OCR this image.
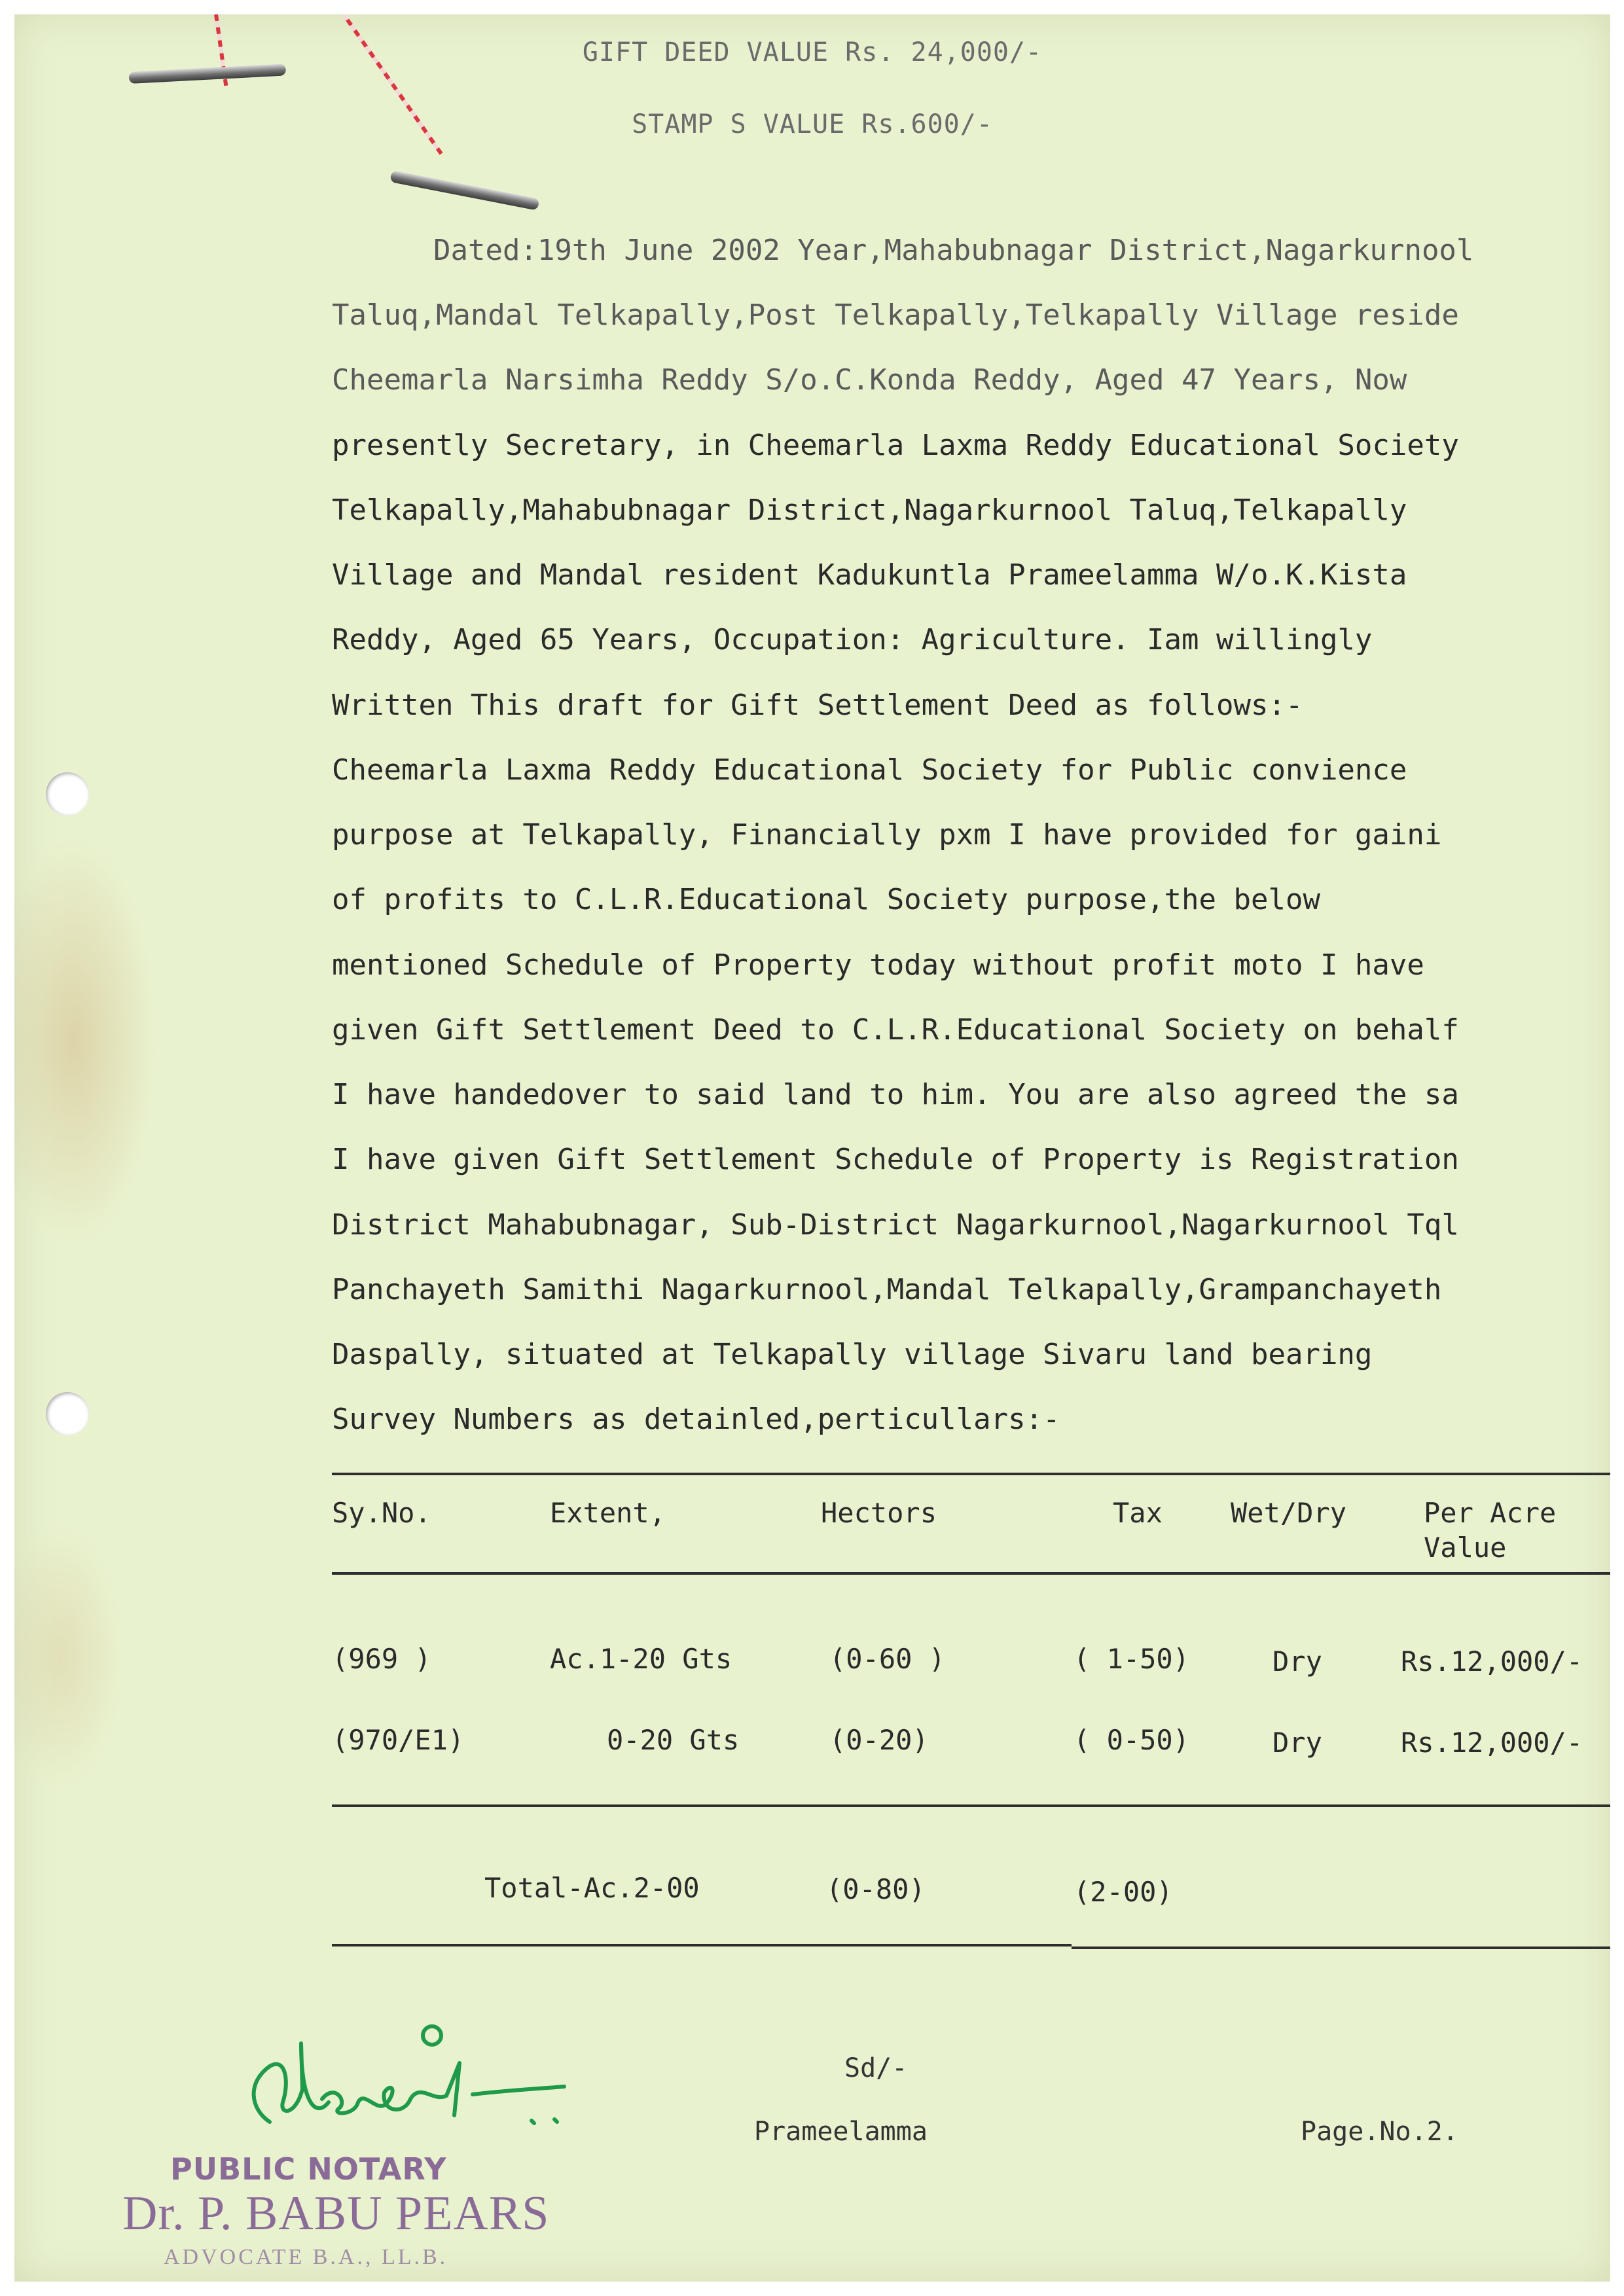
GIFT DEED VALUE Rs. 24,000/-
STAMP S VALUE Rs.600/-
Dated:19th June 2002 Year,Mahabubnagar District,Nagarkurnool
Taluq,Mandal Telkapally,Post Telkapally,Telkapally Village reside
Cheemarla Narsimha Reddy S/o.C.Konda Reddy, Aged 47 Years, Now
presently Secretary, in Cheemarla Laxma Reddy Educational Society
Telkapally,Mahabubnagar District,Nagarkurnool Taluq,Telkapally
Village and Mandal resident Kadukuntla Prameelamma W/o.K.Kista
Reddy, Aged 65 Years, Occupation: Agriculture. Iam willingly
Written This draft for Gift Settlement Deed as follows:-
Cheemarla Laxma Reddy Educational Society for Public convience
purpose at Telkapally, Financially pxm I have provided for gaini
of profits to C.L.R.Educational Society purpose,the below
mentioned Schedule of Property today without profit moto I have
given Gift Settlement Deed to C.L.R.Educational Society on behalf
I have handedover to said land to him. You are also agreed the sa
I have given Gift Settlement Schedule of Property is Registration
District Mahabubnagar, Sub-District Nagarkurnool,Nagarkurnool Tql
Panchayeth Samithi Nagarkurnool,Mandal Telkapally,Grampanchayeth
Daspally, situated at Telkapally village Sivaru land bearing
Survey Numbers as detainled,perticullars:-
Sy.No.	Extent,	Hectors	Tax Wet/Dry	Per Acre
Value
(969 )	Ac.1-20 Gts	(0-60 )	( 1-50)	Dry	Rs.12,000/-
(970/E1)	0-20 Gts	(0-20)	( 0-50)	Dry	Rs.12,000/-
Total-Ac.2-00	(0-80)	(2-00)
Sd/-
Prameelamma	Page.No.2.
PUBLIC NOTARY
Dr. P. BABU PEARS
ADVOCATE B.A., LL.B.
